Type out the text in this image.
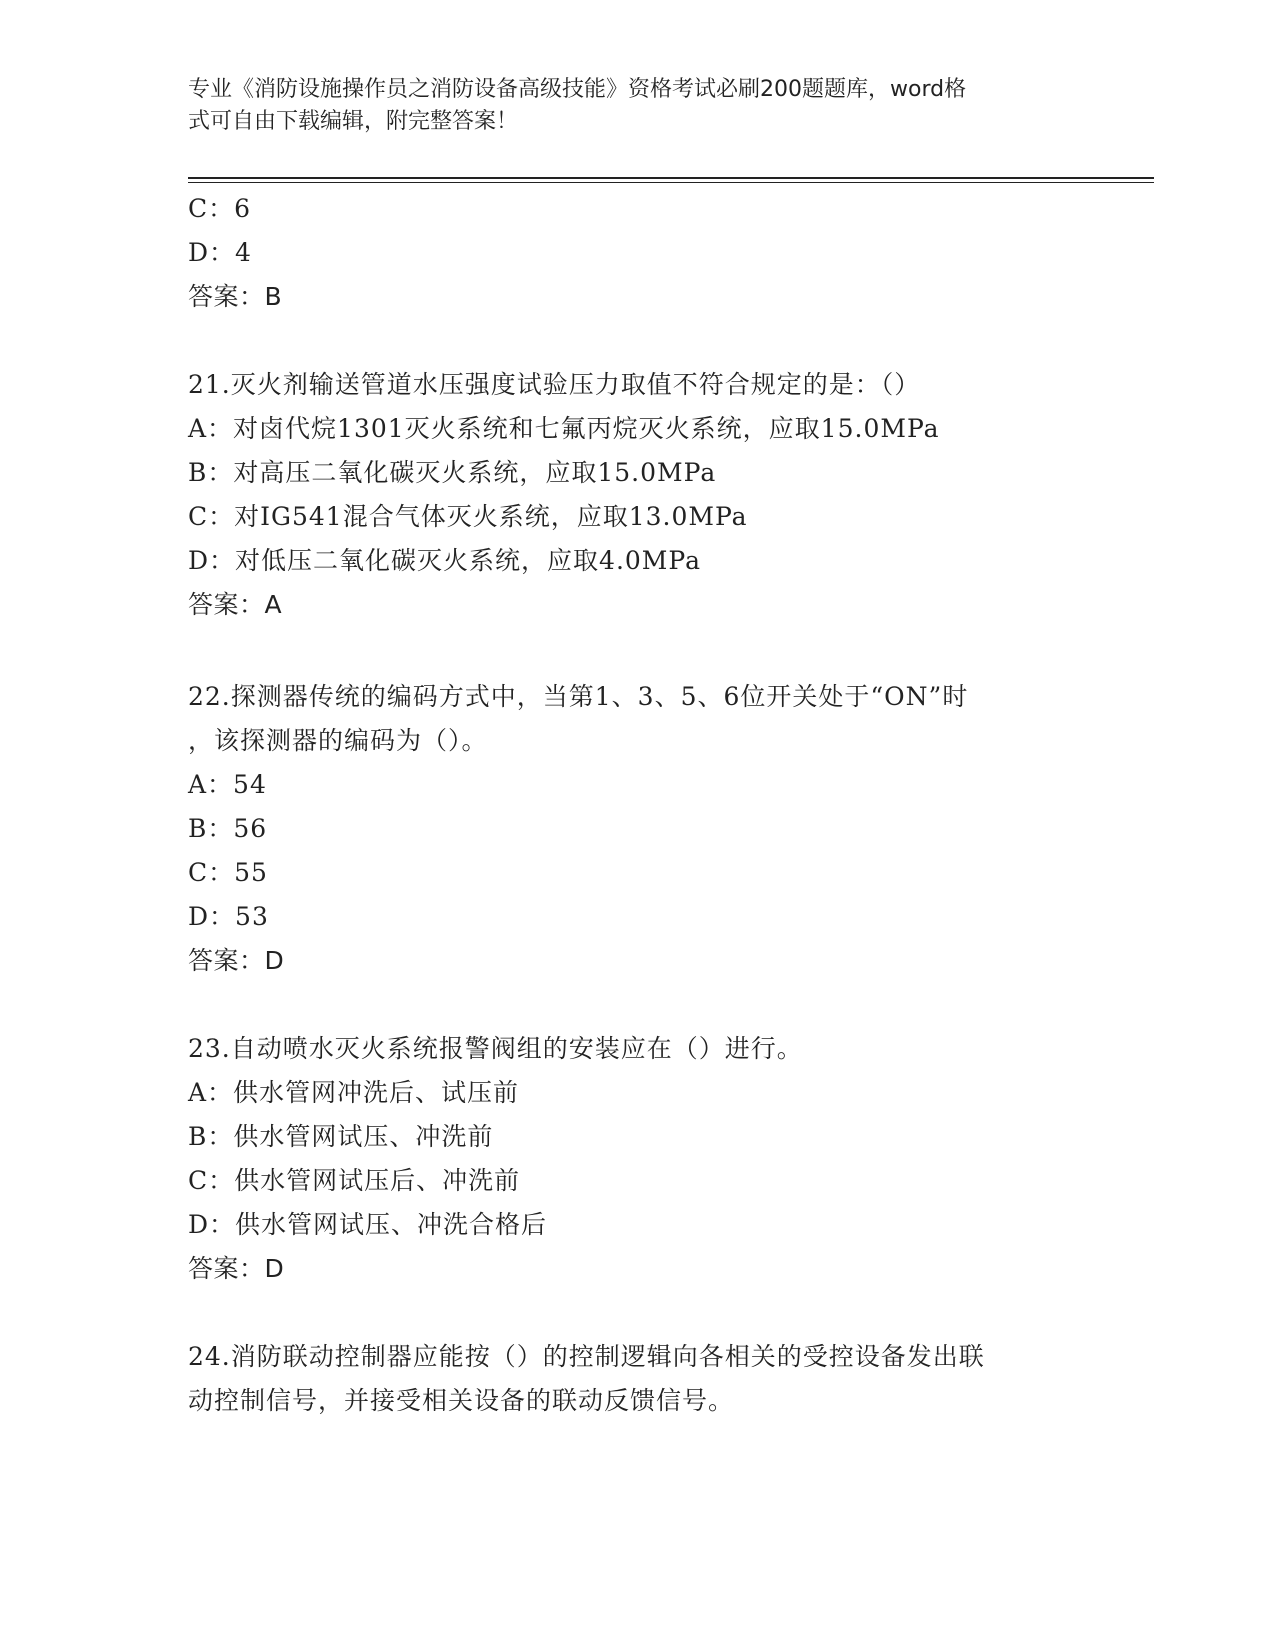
专业《消防设施操作员之消防设备高级技能》资格考试必刷200题题库，word格
式可自由下载编辑，附完整答案！
C：6
D：4
答案：B
21.灭火剂输送管道水压强度试验压力取值不符合规定的是：（）
A：对卤代烷1301灭火系统和七氟丙烷灭火系统，应取15.0MPa
B：对高压二氧化碳灭火系统，应取15.0MPa
C：对IG541混合气体灭火系统，应取13.0MPa
D：对低压二氧化碳灭火系统，应取4.0MPa
答案：A
22.探测器传统的编码方式中，当第1、3、5、6位开关处于“ON”时
，该探测器的编码为（）。
A：54
B：56
C：55
D：53
答案：D
23.自动喷水灭火系统报警阀组的安装应在（）进行。
A：供水管网冲洗后、试压前
B：供水管网试压、冲洗前
C：供水管网试压后、冲洗前
D：供水管网试压、冲洗合格后
答案：D
24.消防联动控制器应能按（）的控制逻辑向各相关的受控设备发出联
动控制信号，并接受相关设备的联动反馈信号。
